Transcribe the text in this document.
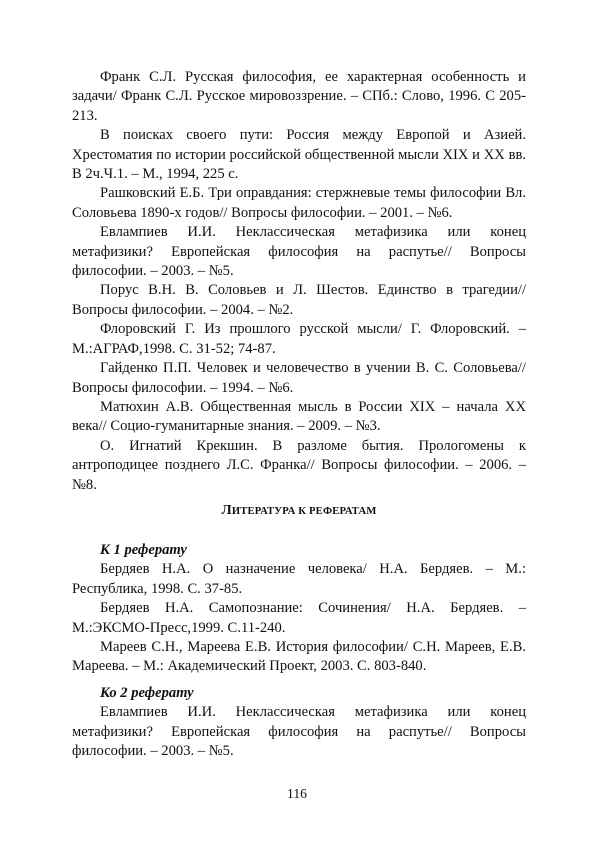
Франк С.Л. Русская философия, ее характерная особенность и задачи/ Франк С.Л. Русское мировоззрение. – СПб.: Слово, 1996. С 205-213.

В поисках своего пути: Россия между Европой и Азией. Хрестоматия по истории российской общественной мысли XIX и XX вв. В 2ч.Ч.1. – М., 1994, 225 с.

Рашковский Е.Б. Три оправдания: стержневые темы философии Вл. Соловьева 1890-х годов// Вопросы философии. – 2001. – №6.

Евлампиев И.И. Неклассическая метафизика или конец метафизики? Европейская философия на распутье// Вопросы философии. – 2003. – №5.

Порус В.Н. В. Соловьев и Л. Шестов. Единство в трагедии// Вопросы философии. – 2004. – №2.

Флоровский Г. Из прошлого русской мысли/ Г. Флоровский. – М.:АГРАФ,1998. С. 31-52; 74-87.

Гайденко П.П. Человек и человечество в учении В. С. Соловьева// Вопросы философии. – 1994. – №6.

Матюхин А.В. Общественная мысль в России XIX – начала XX века// Социо-гуманитарные знания. – 2009. – №3.

О. Игнатий Крекшин. В разломе бытия. Прологомены к антроподицее позднего Л.С. Франка// Вопросы философии. – 2006. – №8.

ЛИТЕРАТУРА К РЕФЕРАТАМ

К 1 реферату

Бердяев Н.А. О назначение человека/ Н.А. Бердяев. – М.: Республика, 1998. С. 37-85.

Бердяев Н.А. Самопознание: Сочинения/ Н.А. Бердяев. – М.:ЭКСМО-Пресс,1999. С.11-240.

Мареев С.Н., Мареева Е.В. История философии/ С.Н. Мареев, Е.В. Мареева. – М.: Академический Проект, 2003. С. 803-840.

Ко 2 реферату

Евлампиев И.И. Неклассическая метафизика или конец метафизики? Европейская философия на распутье// Вопросы философии. – 2003. – №5.

116
